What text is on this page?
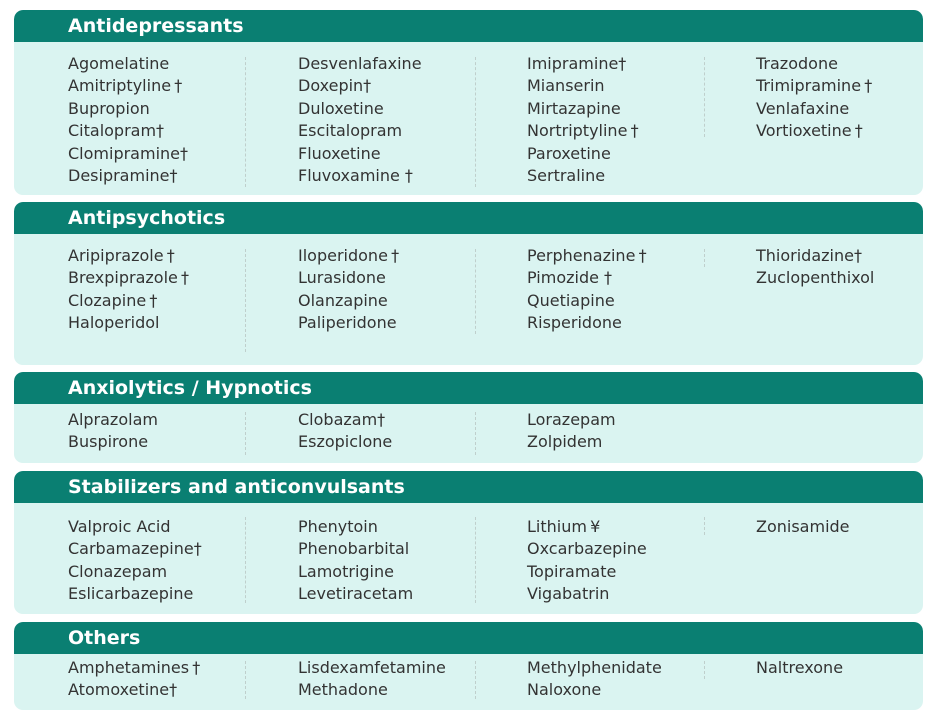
Antidepressants
Agomelatine
Amitriptyline †
Bupropion
Citalopram†
Clomipramine†
Desipramine†
Desvenlafaxine
Doxepin†
Duloxetine
Escitalopram
Fluoxetine
Fluvoxamine †
Imipramine†
Mianserin
Mirtazapine
Nortriptyline †
Paroxetine
Sertraline
Trazodone
Trimipramine †
Venlafaxine
Vortioxetine †
Antipsychotics
Aripiprazole †
Brexpiprazole †
Clozapine †
Haloperidol
Iloperidone †
Lurasidone
Olanzapine
Paliperidone
Perphenazine †
Pimozide †
Quetiapine
Risperidone
Thioridazine†
Zuclopenthixol
Anxiolytics / Hypnotics
Alprazolam
Buspirone
Clobazam†
Eszopiclone
Lorazepam
Zolpidem
Stabilizers and anticonvulsants
Valproic Acid
Carbamazepine†
Clonazepam
Eslicarbazepine
Phenytoin
Phenobarbital
Lamotrigine
Levetiracetam
Lithium ¥
Oxcarbazepine
Topiramate
Vigabatrin
Zonisamide
Others
Amphetamines †
Atomoxetine†
Lisdexamfetamine
Methadone
Methylphenidate
Naloxone
Naltrexone
